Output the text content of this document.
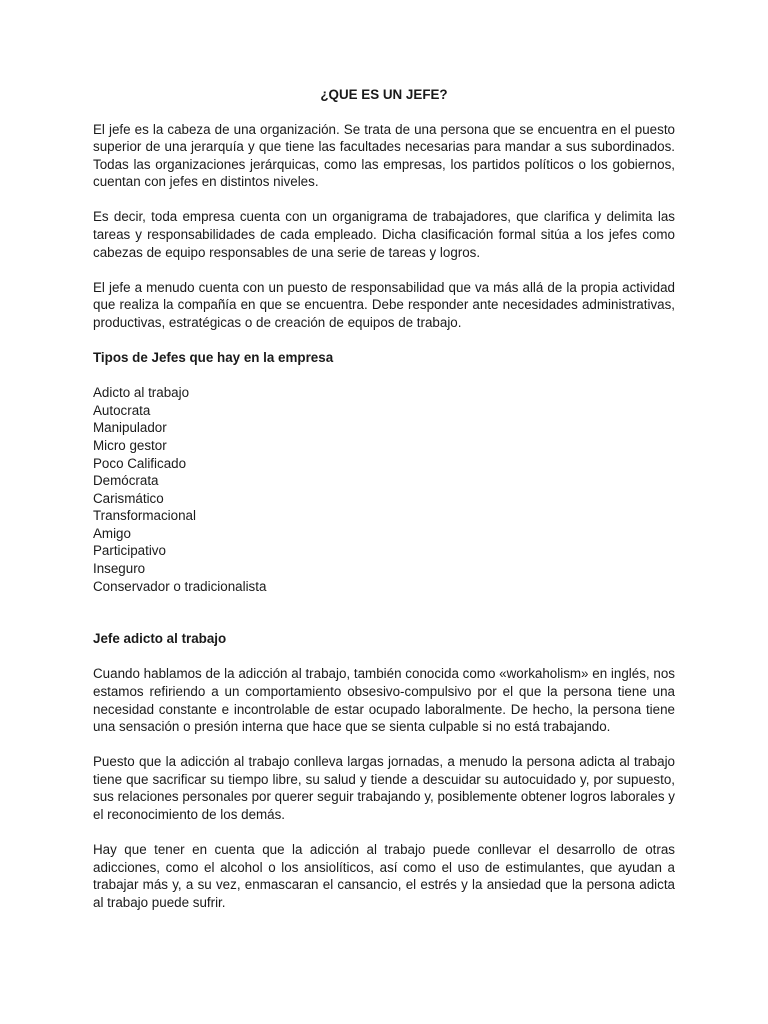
¿QUE ES UN JEFE?

El jefe es la cabeza de una organización. Se trata de una persona que se encuentra en el puesto superior de una jerarquía y que tiene las facultades necesarias para mandar a sus subordinados. Todas las organizaciones jerárquicas, como las empresas, los partidos políticos o los gobiernos, cuentan con jefes en distintos niveles.

Es decir, toda empresa cuenta con un organigrama de trabajadores, que clarifica y delimita las tareas y responsabilidades de cada empleado. Dicha clasificación formal sitúa a los jefes como cabezas de equipo responsables de una serie de tareas y logros.

El jefe a menudo cuenta con un puesto de responsabilidad que va más allá de la propia actividad que realiza la compañía en que se encuentra. Debe responder ante necesidades administrativas, productivas, estratégicas o de creación de equipos de trabajo.

Tipos de Jefes que hay en la empresa
Adicto al trabajo
Autocrata
Manipulador
Micro gestor
Poco Calificado
Demócrata
Carismático
Transformacional
Amigo
Participativo
Inseguro
Conservador o tradicionalista
Jefe adicto al trabajo

Cuando hablamos de la adicción al trabajo, también conocida como «workaholism» en inglés, nos estamos refiriendo a un comportamiento obsesivo-compulsivo por el que la persona tiene una necesidad constante e incontrolable de estar ocupado laboralmente. De hecho, la persona tiene una sensación o presión interna que hace que se sienta culpable si no está trabajando.

Puesto que la adicción al trabajo conlleva largas jornadas, a menudo la persona adicta al trabajo tiene que sacrificar su tiempo libre, su salud y tiende a descuidar su autocuidado y, por supuesto, sus relaciones personales por querer seguir trabajando y, posiblemente obtener logros laborales y el reconocimiento de los demás.

Hay que tener en cuenta que la adicción al trabajo puede conllevar el desarrollo de otras adicciones, como el alcohol o los ansiolíticos, así como el uso de estimulantes, que ayudan a trabajar más y, a su vez, enmascaran el cansancio, el estrés y la ansiedad que la persona adicta al trabajo puede sufrir.
